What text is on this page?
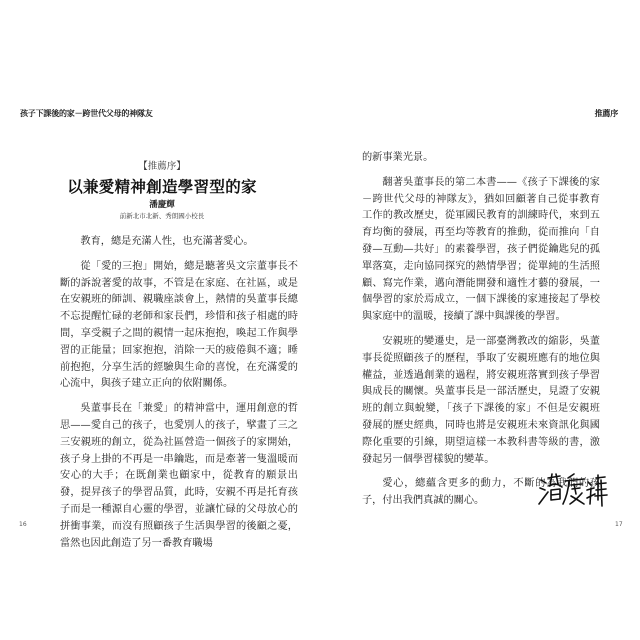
孩子下課後的家－跨世代父母的神隊友
【推薦序】
以兼愛精神創造學習型的家
潘慶輝
前新北市北新、秀朗國小校長

教育，總是充滿人性，也充滿著愛心。

從「愛的三抱」開始，總是聽著吳文宗董事長不斷的訴說著愛的故事，不管是在家庭、在社區，或是在安親班的師訓、親職座談會上，熱情的吳董事長總不忘提醒忙碌的老師和家長們，珍惜和孩子相處的時間，享受親子之間的親情一起床抱抱，喚起工作與學習的正能量；回家抱抱，消除一天的疲倦與不適；睡前抱抱，分享生活的經驗與生命的喜悅，在充滿愛的心流中，與孩子建立正向的依附關係。

吳董事長在「兼愛」的精神當中，運用創意的哲思——愛自己的孩子，也愛別人的孩子，擘畫了三之三安親班的創立，從為社區營造一個孩子的家開始，孩子身上掛的不再是一串鑰匙，而是牽著一隻溫暖而安心的大手；在既創業也顧家中，從教育的願景出發，提昇孩子的學習品質，此時，安親不再是托育孩子而是一種源自心靈的學習，並讓忙碌的父母放心的拼衝事業，而沒有照顧孩子生活與學習的後顧之憂，當然也因此創造了另一番教育職場

16
推薦序

的新事業光景。

翻著吳董事長的第二本書——《孩子下課後的家－跨世代父母的神隊友》，猶如回顧著自己從事教育工作的教改歷史，從軍國民教育的訓練時代，來到五育均衡的發展，再至均等教育的推動，從而推向「自發—互動—共好」的素養學習，孩子們從鑰匙兒的孤單落寞，走向協同探究的熱情學習；從單純的生活照顧、寫完作業，邁向潛能開發和適性才藝的發展，一個學習的家於焉成立，一個下課後的家連接起了學校與家庭中的溫暖，接續了課中與課後的學習。

安親班的變遷史，是一部臺灣教改的縮影，吳董事長從照顧孩子的歷程，爭取了安親班應有的地位與權益，並透過創業的過程，將安親班落實到孩子學習與成長的關懷。吳董事長是一部活歷史，見證了安親班的創立與蛻變，「孩子下課後的家」不但是安親班發展的歷史經典，同時也將是安親班未來資訊化與國際化重要的引線，期望這樣一本教科書等級的書，激發起另一個學習樣貌的變革。

愛心，總蘊含更多的動力，不斷的為我們的孩子，付出我們真誠的關心。

17
